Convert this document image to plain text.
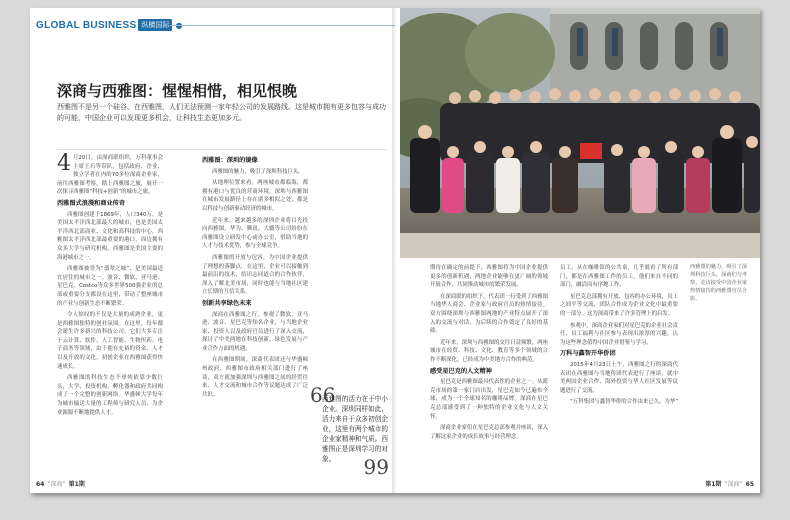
GLOBAL BUSINESS 纵横国际
深商与西雅图：惺惺相惜，相见恨晚
西雅图不是另一个硅谷。在西雅图，人们无法预测一家年轻公司的发展路线。这是城市拥有更多包容与成功的可能，中国企业可以发现更多机会，让科技生态更加多元。

4 月20日，由深商联组织，万科董事会主席王石等带队，包括政府、企业、独立学者在内的70多位深商企业家，前往西雅图考察，踏上西雅图之旅，展开一次探寻西雅图“科技+创新”的城市之旅。

西雅图式浪漫和商业传奇

西雅图创建于1869年，人口340万，是美国太平洋西北部最大的城市，也是美国太平洋西北部商业、文化和高科技的中心。西雅图太平洋西北部最重要的港口，周边拥有众多大学与研究机构，西雅图是美国主要的海港城市之一。

西雅图被誉为“翡翠之城”，是美国最适宜居住的城市之一。波音、微软、亚马逊、星巴克、Costco等众多世界500强企业的总部或重要分支都设在这里，带动了整座城市的产业与创新生态不断繁荣。

令人惊叹的不仅是大量的成熟企业，更是西雅图独特的创业氛围。在这里，每年都会诞生许多新兴的科技公司，它们大多专注于云计算、软件、人工智能、生物医药、电子商务等领域，由于拥有充裕的资金、人才以及开放的文化，初创企业在西雅图获得快速成长。

西雅图的科技生态不单纯依靠少数巨头，大学、投资机构、孵化器和政府共同构成了一个完整的创新网络。华盛顿大学每年为城市输送大量的工程师与研究人员，为企业源源不断地提供人才。

西雅图：深圳的镜像

西雅图的魅力，吸引了深圳科技巨头。

从地理位置来看，两座城市都临海，都拥有港口与优良的营商环境。深圳与西雅图在城市发展路径上存在诸多相似之处，都是以科技与创新驱动经济的城市。

近年来，越来越多的深圳企业将目光投向西雅图，华为、腾讯、大疆等公司纷纷在西雅图设立研发中心或办公室，借助当地的人才与技术优势，参与全球竞争。

西雅图的开放与包容，为中国企业提供了理想的落脚点。在这里，企业可以接触到最前沿的技术，结识志同道合的合作伙伴，深入了解北美市场，同时也能与当地社区建立长期的互信关系。

创新共享绿色未来

深商在西雅图之行，参观了微软、亚马逊、波音、星巴克等知名企业，与当地企业家、投资人以及政府官员进行了深入交流，探讨了中美两地在科技创新、绿色发展与产业合作方面的机遇。

在西雅图期间，深商代表团还与华盛顿州政府、西雅图市政府相关部门进行了座谈，双方就加强深圳与西雅图之间的经贸往来、人才交流和城市合作等议题达成了广泛共识。	66
西雅图的活力在于中小企业。深圳同样如此，活力来自于众多初创企业，这里有两个城市的企业家精神和气质。西雅图正是深圳学习的对象。	99
西雅图的魅力，吸引了深圳科技巨头。深商们与考察、走访接受中国企业家热情接待的西雅图官员合影。

期待在确定的前提下，西雅图将为中国企业提供更多的创新机遇，两地企业能够在更广阔的领域开展合作，共同推动城市的繁荣发展。

在深商联的组织下，代表团一行受到了西雅图当地华人商会、企业家与政府官员的热情接待。双方围绕深圳与西雅图两地的产业特点展开了深入的交流与对话，为后续的合作奠定了良好的基础。

近年来，深圳与西雅图的交往日益频繁，两座城市在经贸、科技、文化、教育等多个领域的合作不断深化，已经成为中美地方合作的典范。

感受星巴克的人文精神

星巴克是西雅图最具代表性的企业之一。从派克市场的第一家门店出发，星巴克如今已遍布全球，成为一个全球知名的咖啡品牌。深商在星巴克总部感受到了一种独特的企业文化与人文关怀。

深商企业家们在星巴克总部参观并座谈，深入了解这家企业的成长故事与经营理念。

员工，从在咖啡馆的公共桌，几乎就看了所有部门，都是在西雅图工作的员工，他们来自不同的部门，融洽而有序地工作。

星巴克总部拥有开放、包容的办公环境，员工之间平等交流，团队合作成为企业文化中最重要的一部分。这为深商带来了许多管理上的启发。

参观中，深商企业家们对星巴克的企业社会责任、员工福利与社区参与表现出浓厚的兴趣，认为这些理念值得中国企业借鉴与学习。

万科与鑫智开华侨团

2015年4月23日上午，西雅图之行的深商代表团在西雅图与当地侨团代表进行了座谈，就中美两国企业合作、海外投资与华人社区发展等议题进行了交流。

“万科集团与鑫智华侨的合作由来已久，为华”

64 “深商” 第1期	第1期 “深商” 65
